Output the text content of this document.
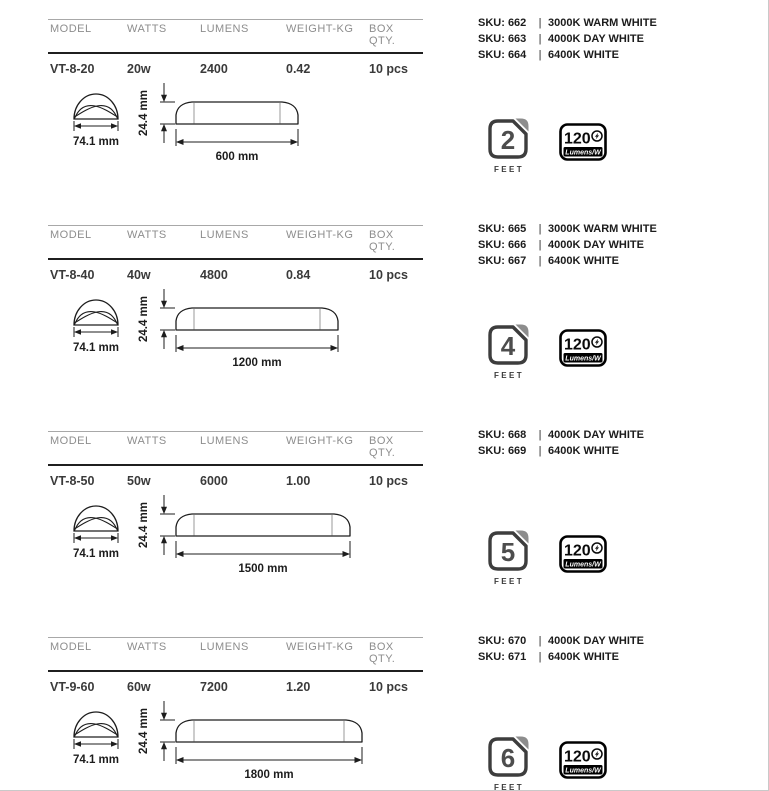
MODEL	WATTS	LUMENS	WEIGHT-KG	BOX QTY.
VT-8-20	20w	2400	0.42	10 pcs
SKU: 662	| 3000K WARM WHITE
SKU: 663	| 4000K DAY WHITE
SKU: 664	| 6400K WHITE
74.1 mm
24.4 mm
600 mm
2
FEET
120
Lumens/W
MODEL	WATTS	LUMENS	WEIGHT-KG	BOX QTY.
VT-8-40	40w	4800	0.84	10 pcs
SKU: 665	| 3000K WARM WHITE
SKU: 666	| 4000K DAY WHITE
SKU: 667	| 6400K WHITE
74.1 mm
24.4 mm
1200 mm
4
FEET
120
Lumens/W
MODEL	WATTS	LUMENS	WEIGHT-KG	BOX QTY.
VT-8-50	50w	6000	1.00	10 pcs
SKU: 668	| 4000K DAY WHITE
SKU: 669	| 6400K WHITE
74.1 mm
24.4 mm
1500 mm
5
FEET
120
Lumens/W
MODEL	WATTS	LUMENS	WEIGHT-KG	BOX QTY.
VT-9-60	60w	7200	1.20	10 pcs
SKU: 670	| 4000K DAY WHITE
SKU: 671	| 6400K WHITE
74.1 mm
24.4 mm
1800 mm
6
FEET
120
Lumens/W
